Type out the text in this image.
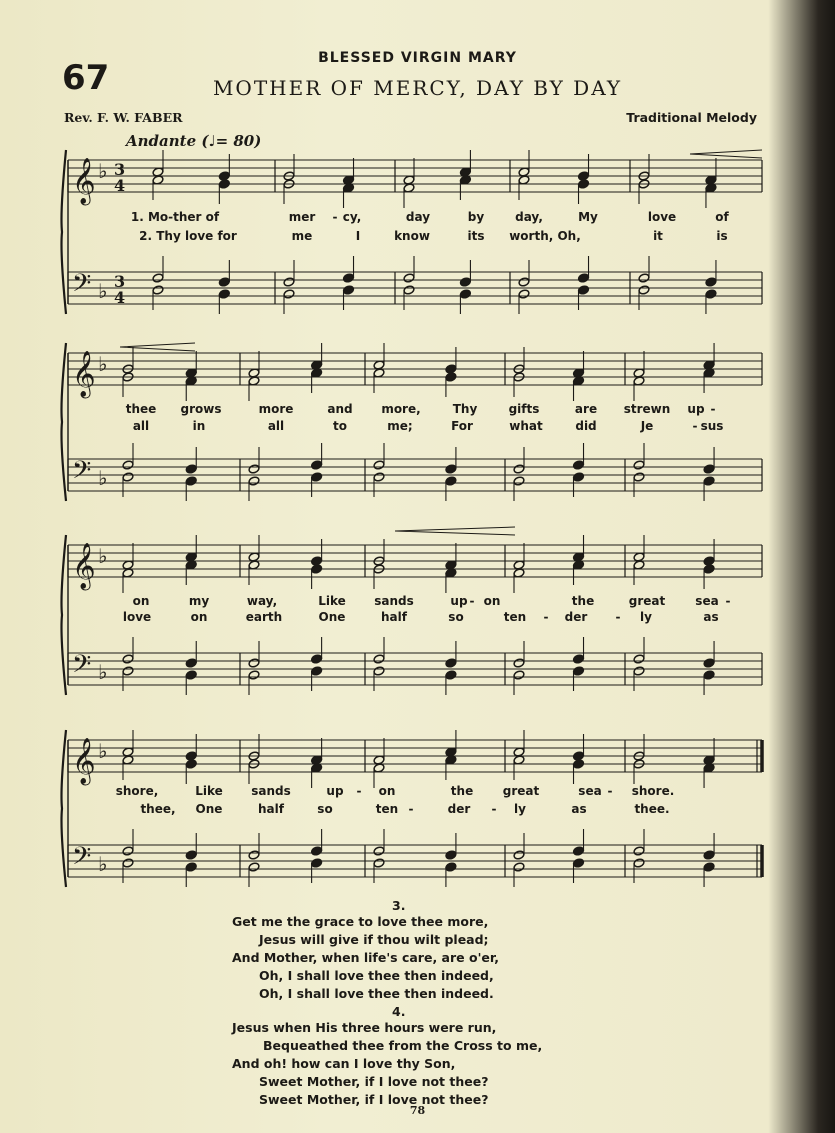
BLESSED VIRGIN MARY
67	MOTHER OF MERCY, DAY BY DAY
Rev. F. W. FABER	Traditional Melody
Andante (♩= 80)
𝄞 ♭ 3
4
𝄢 ♭ 3
4
𝄞 ♭
𝄢 ♭
𝄞 ♭
𝄢 ♭
𝄞 ♭
𝄢 ♭
1. Mo-ther of	mer - cy,	day	by	day,	My	love	of
2. Thy love for	me	I	know	its worth, Oh,	it	is
thee grows	more	and more,	Thy	gifts	are strewn up -
all	in	all	to	me;	For	what	did	Je	- sus
on	my	way,	Like sands	up - on	the	great	sea -
love	on	earth	One	half	so	ten - der - ly	as
shore,	Like sands	up - on	the great	sea - shore.
thee, One	half	so	ten -	der - ly	as	thee.
3.
Get me the grace to love thee more,
Jesus will give if thou wilt plead;
And Mother, when life's care, are o'er,
Oh, I shall love thee then indeed,
Oh, I shall love thee then indeed.
4.
Jesus when His three hours were run,
Bequeathed thee from the Cross to me,
And oh! how can I love thy Son,
Sweet Mother, if I love not thee?
Sweet Mother, if I love not thee?
78
